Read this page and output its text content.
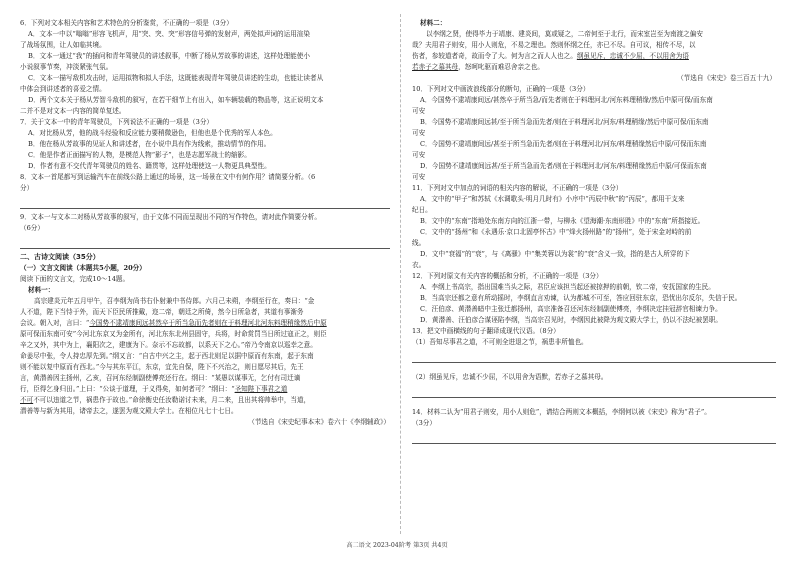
6．下列对文本相关内容和艺术特色的分析鉴赏，不正确的一项是（3分）
A．文本一中以“嗡嗡”形容飞机声，用“突、突、突”形容信号弹的发射声，两处拟声词的运用渲染
了战场氛围，让人如临其境。
B．文本一通过“我”的插问和青年驾驶员的讲述叙事，中断了杨从芳故事的讲述，这样处理能使小
小说叙事节奏，冲淡紧张气氛。
C．文本一描写敌机攻击时，运用拟物和拟人手法，这既能表现青年驾驶员讲述的生动，也能让读者从
中体会到讲述者的喜爱之情。
D．两个文本关于杨从芳智斗敌机的叙写，在若干细节上有出入，如车辆装载的物品等，这正说明文本
二并不是对文本一内容的简单复述。
7．关于文本一中的青年驾驶员，下列说法不正确的一项是（3分）
A．对比杨从芳，他的战斗经验和反应能力要稍微逊色，但他也是个优秀的军人本色。
B．他在杨从芳故事的见证人和讲述者，在小说中具有作为线索，推动情节的作用。
C．他是作者正面描写的人物，是模范人物“影子”，也是志愿军战士的缩影。
D．作者有意不交代青年驾驶员的姓名、籍贯等，这样处理使这一人物更具典型性。
8．文本一首尾都写到运输汽车在前线公路上通过的场景，这一场景在文中有何作用？请简要分析。（6
分）
9．文本一与文本二对杨从芳故事的叙写，由于文体不同而呈现出不同的写作特色，请对此作简要分析。
（6分）
二、古诗文阅读（35分）
（一）文言文阅读（本题共5小题，20分）
阅读下面的文言文，完成10～14题。
材料一：
高宗建炎元年五月甲午，召李纲为尚书右仆射兼中书侍郎。六月己未朔，李纲至行在，奏曰：“金
人不道，陛下当恃于外，而天下臣民所推戴，迩二帝，朝廷之所倚，然今日所急者，其道有事渐务
会议。朝入对，言曰：“今国势不逮靖康间远甚然卒于所当急而先者则在于料理河北河东料理稍缘然后中原
原可保而东南可安”今河北东京又为金所有，河北东东北州县固守，兵将，时命赏罚当日所过寇正之，则臣
辛之又外，其中为上，襄阳次之，建康为下。奈示不忘故都，以系天下之心。”帝乃令南京以巡幸之意。
命姜尽中张，令人持忠厚先到。”纲又言：“自古中兴之主，起于西北则足以据中原而有东南，起于东南
则不能以复中原而有西北。”今与其东平江，东京，宜先自保，陛下不兴治之，则日愿尽其后，先王
言，黄潜善因主扬州，乙亥，召河东经制副使傅亮还行在。纲曰：“某愚以谋事无，乞付有司迁谪
行，臣得乞身归田。”上曰：“公谈于道理，于义得矣，如何者可？”纲曰：“圣知陛下事君之道
不可不可以违道之节，祸患作于故也。”命徐衡史任汝勒诺讨未来，月二来，且出其将帅举中，当道，
潜善等与新为其用，诸帝去之，遂罢为观文殿大学士。在相位凡七十七日。
（节选自《宋史纪事本末》卷六十《李纲辅政》）
材料二：
以李纲之贤，使得毕力于靖康、建炎间，莫或疑之，二帝何至于北行，而宋室岂至为南渡之偏安
哉？夫用君子则安，用小人则危，不易之理也。然则怀纲之任，亦已不尽。自可议，相传不尽，以
伤者，参较道者奇，故而令了大。何为言之而人人也之。纲虽见斥，忠诚不少屈，不以用舍为语
若赤子之慕其母，怒呵叱驱而难忍舍亲之也。
（节选自《宋史》卷三百五十九）
10．下列对文中画波浪线部分的断句，正确的一项是（3分）
A．今国势不逮靖康间远/甚然卒于所当急/而先者则在于料理河北/河东料理稍缘/然后中原可保/而东南
可安
B．今国势不逮靖康间远甚/至于所当急而先者/则在于料理河北/河东/料理稍缘/然后中原可保/而东南
可安
C．今国势不逮靖康间远/甚至于所当急而先者/则在于料理河北/河东/料理稍缘然后中原/可保而东南
可安
D．今国势不逮靖康间远甚/至于所当急而先者/则在于料理河北/河东/料理稍缘然后中原/可保而东南
可安
11．下列对文中加点的词语的相关内容的解说，不正确的一项是（3分）
A．文中的“甲子”和苏轼《水调歌头·明月几时有》小序中“丙辰中秋”的“丙辰”，都用干支来
纪日。
B．文中的“东南”指地处东南方向的江浙一带，与柳永《望海潮·东南形胜》中的“东南”所指接近。
C．文中的“扬州”和《永遇乐·京口北固亭怀古》中“烽火扬州路”的“扬州”，处于宋金对峙的前
线。
D．文中“衰福”的“衰”，与《离骚》中“集芙蓉以为裳”的“衰”含义一致，指的是古人所穿的下
衣。
12．下列对原文有关内容的概括和分析，不正确的一项是（3分）
A．李纲上书高宗，指出国难当头之际，君臣应该担当起还被掠押的前朝，钦二帝，安抚国家的生民。
B．当高宗还都之意有所动摇时，李纲直言劝谏，认为都城不可至，答应回驻东京，恐忧出尔反尔，失信于民。
C．汪伯彦、黄潜善暗中主张迁都扬州，高宗准备召还河东经制副使傅亮，李纲决定挂冠辞官相谏力争。
D．黄潜善、汪伯彦合谋诬陷李纲，当高宗召见时，李纲因此被降为观文殿大学士，仍以不法纪被罢职。
13．把文中画横线的句子翻译成现代汉语。（8分）
（1）吾知尽事君之道，不可则全进退之节，祸患非所恤也。
（2）纲虽见斥，忠诚不少屈，不以用舍为语默，若赤子之慕其母。
14．材料二认为“用君子则安，用小人则危”，请结合两则文本概括，李纲何以被《宋史》称为“君子”。
（3分）
高二语文 2023-04阶考 第3页 共4页
